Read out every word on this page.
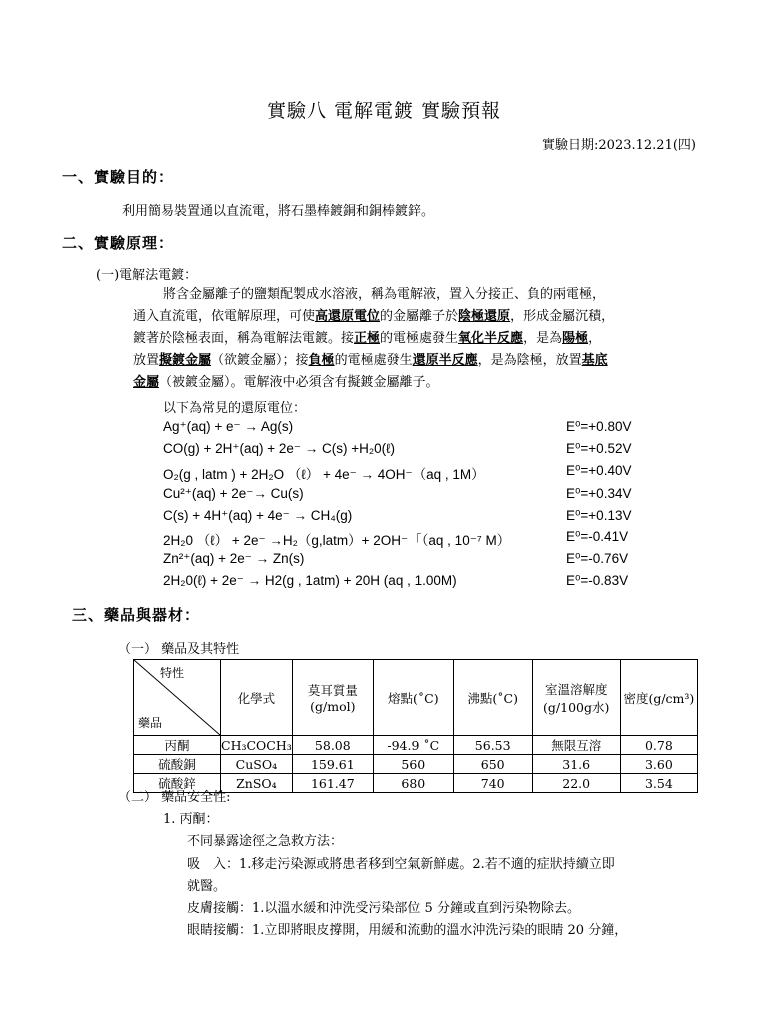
實驗八 電解電鍍 實驗預報
實驗日期:2023.12.21(四)
一、實驗目的：
利用簡易裝置通以直流電，將石墨棒鍍銅和銅棒鍍鋅。
二、實驗原理：
(一)電解法電鍍：
將含金屬離子的鹽類配製成水溶液，稱為電解液，置入分接正、負的兩電極，
通入直流電，依電解原理，可使高還原電位的金屬離子於陰極還原，形成金屬沉積，
鍍著於陰極表面，稱為電解法電鍍。接正極的電極處發生氧化半反應，是為陽極，
放置擬鍍金屬（欲鍍金屬）；接負極的電極處發生還原半反應，是為陰極，放置基底
金屬（被鍍金屬）。電解液中必須含有擬鍍金屬離子。
以下為常見的還原電位：
Ag⁺(aq) + e⁻ → Ag(s)	E⁰=+0.80V
CO(g) + 2H⁺(aq) + 2e⁻ → C(s) +H₂0(ℓ)	E⁰=+0.52V
O₂(g , latm ) + 2H₂O （ℓ） + 4e⁻ → 4OH⁻（aq , 1M）	E⁰=+0.40V
Cu²⁺(aq) + 2e⁻→ Cu(s)	E⁰=+0.34V
C(s) + 4H⁺(aq) + 4e⁻ → CH₄(g)	E⁰=+0.13V
2H₂0 （ℓ） + 2e⁻ →H₂（g,latm）+ 2OH⁻「（aq , 10⁻⁷ M）	E⁰=-0.41V
Zn²⁺(aq) + 2e⁻ → Zn(s)	E⁰=-0.76V
2H₂0(ℓ) + 2e⁻ → H2(g , 1atm) + 20H (aq , 1.00M)	E⁰=-0.83V
三、藥品與器材：
（一） 藥品及其特性
特性
藥品	化學式	莫耳質量(g/mol)	熔點(˚C)	沸點(˚C)	室溫溶解度(g/100g水)	密度(g/cm³)
丙酮	CH₃COCH₃	58.08	-94.9 ˚C	56.53	無限互溶	0.78
硫酸銅	CuSO₄	159.61	560	650	31.6	3.60
硫酸鋅	ZnSO₄	161.47	680	740	22.0	3.54
（二） 藥品安全性:
1. 丙酮：
不同暴露途徑之急救方法：
吸　入：1.移走污染源或將患者移到空氣新鮮處。2.若不適的症狀持續立即
就醫。
皮膚接觸：1.以溫水緩和沖洗受污染部位 5 分鐘或直到污染物除去。
眼睛接觸：1.立即將眼皮撐開，用緩和流動的溫水沖洗污染的眼睛 20 分鐘，
